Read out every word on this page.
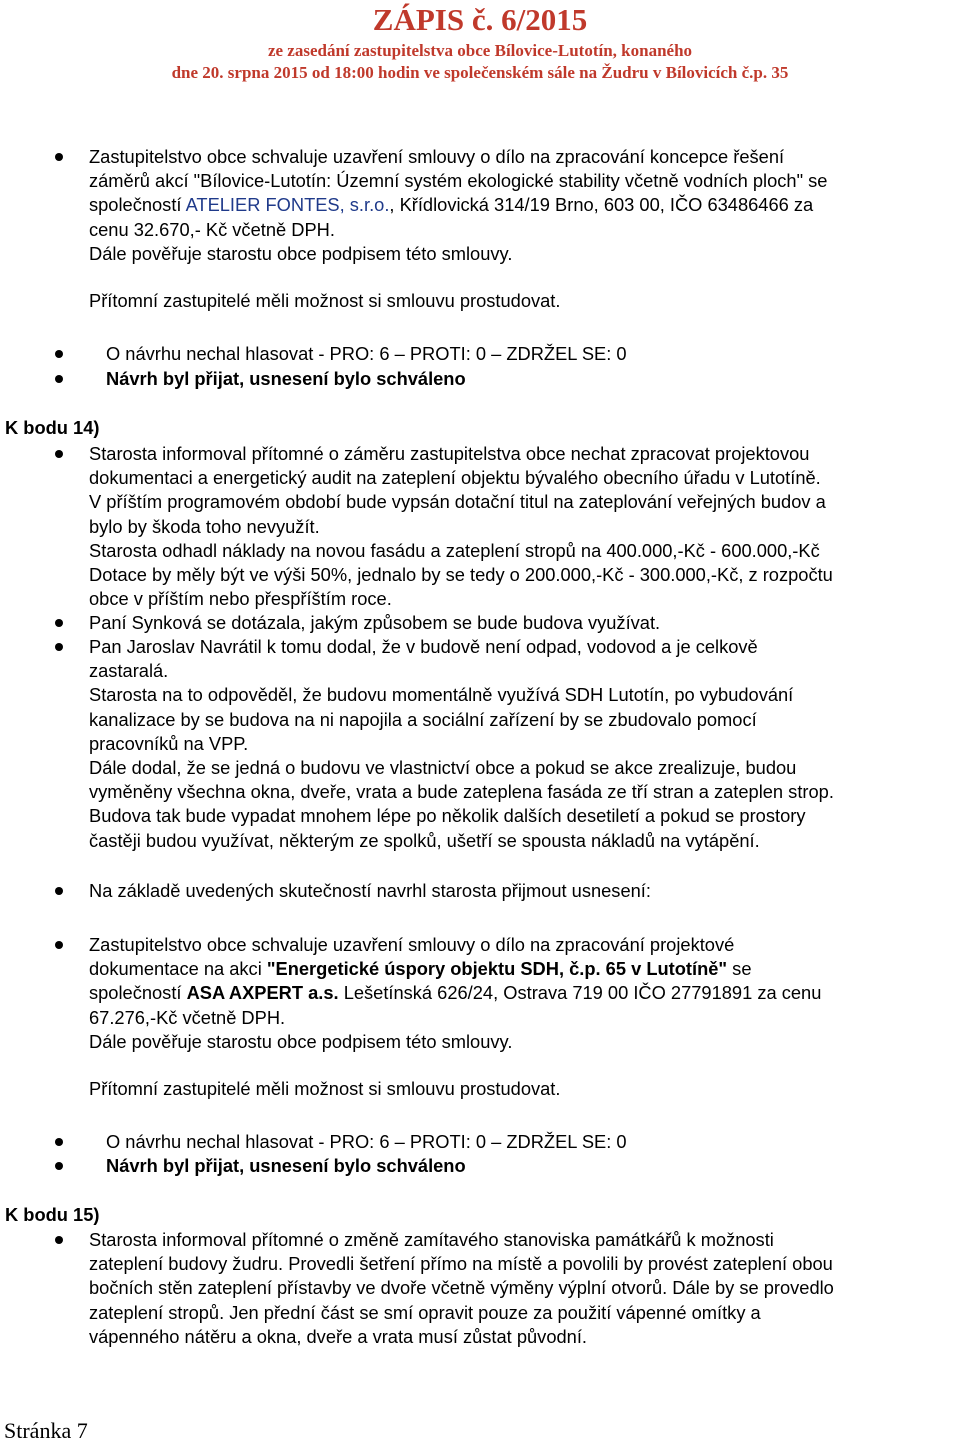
ZÁPIS č. 6/2015
ze zasedání zastupitelstva obce Bílovice-Lutotín, konaného
dne 20. srpna 2015 od 18:00 hodin ve společenském sále na Žudru v Bílovicích č.p. 35
Zastupitelstvo obce schvaluje uzavření smlouvy o dílo na zpracování koncepce řešení
záměrů akcí "Bílovice-Lutotín: Územní systém ekologické stability včetně vodních ploch" se
společností ATELIER FONTES, s.r.o., Křídlovická 314/19 Brno, 603 00, IČO 63486466 za
cenu 32.670,- Kč včetně DPH.
Dále pověřuje starostu obce podpisem této smlouvy.
Přítomní zastupitelé měli možnost si smlouvu prostudovat.
O návrhu nechal hlasovat - PRO: 6 – PROTI: 0 – ZDRŽEL SE: 0
Návrh byl přijat, usnesení bylo schváleno
K bodu 14)
Starosta informoval přítomné o záměru zastupitelstva obce nechat zpracovat projektovou
dokumentaci a energetický audit na zateplení objektu bývalého obecního úřadu v Lutotíně.
V příštím programovém období bude vypsán dotační titul na zateplování veřejných budov a
bylo by škoda toho nevyužít.
Starosta odhadl náklady na novou fasádu a zateplení stropů na 400.000,-Kč - 600.000,-Kč
Dotace by měly být ve výši 50%, jednalo by se tedy o 200.000,-Kč - 300.000,-Kč, z rozpočtu
obce v příštím nebo přespříštím roce.
Paní Synková se dotázala, jakým způsobem se bude budova využívat.
Pan Jaroslav Navrátil k tomu dodal, že v budově není odpad, vodovod a je celkově
zastaralá.
Starosta na to odpověděl, že budovu momentálně využívá SDH Lutotín, po vybudování
kanalizace by se budova na ni napojila a sociální zařízení by se zbudovalo pomocí
pracovníků na VPP.
Dále dodal, že se jedná o budovu ve vlastnictví obce a pokud se akce zrealizuje, budou
vyměněny všechna okna, dveře, vrata a bude zateplena fasáda ze tří stran a zateplen strop.
Budova tak bude vypadat mnohem lépe po několik dalších desetiletí a pokud se prostory
častěji budou využívat, některým ze spolků, ušetří se spousta nákladů na vytápění.
Na základě uvedených skutečností navrhl starosta přijmout usnesení:
Zastupitelstvo obce schvaluje uzavření smlouvy o dílo na zpracování projektové
dokumentace na akci "Energetické úspory objektu SDH, č.p. 65 v Lutotíně" se
společností ASA AXPERT a.s. Lešetínská 626/24, Ostrava 719 00 IČO 27791891 za cenu
67.276,-Kč včetně DPH.
Dále pověřuje starostu obce podpisem této smlouvy.
Přítomní zastupitelé měli možnost si smlouvu prostudovat.
O návrhu nechal hlasovat - PRO: 6 – PROTI: 0 – ZDRŽEL SE: 0
Návrh byl přijat, usnesení bylo schváleno
K bodu 15)
Starosta informoval přítomné o změně zamítavého stanoviska památkářů k možnosti
zateplení budovy žudru. Provedli šetření přímo na místě a povolili by provést zateplení obou
bočních stěn zateplení přístavby ve dvoře včetně výměny výplní otvorů. Dále by se provedlo
zateplení stropů. Jen přední část se smí opravit pouze za použití vápenné omítky a
vápenného nátěru a okna, dveře a vrata musí zůstat původní.
Stránka 7
